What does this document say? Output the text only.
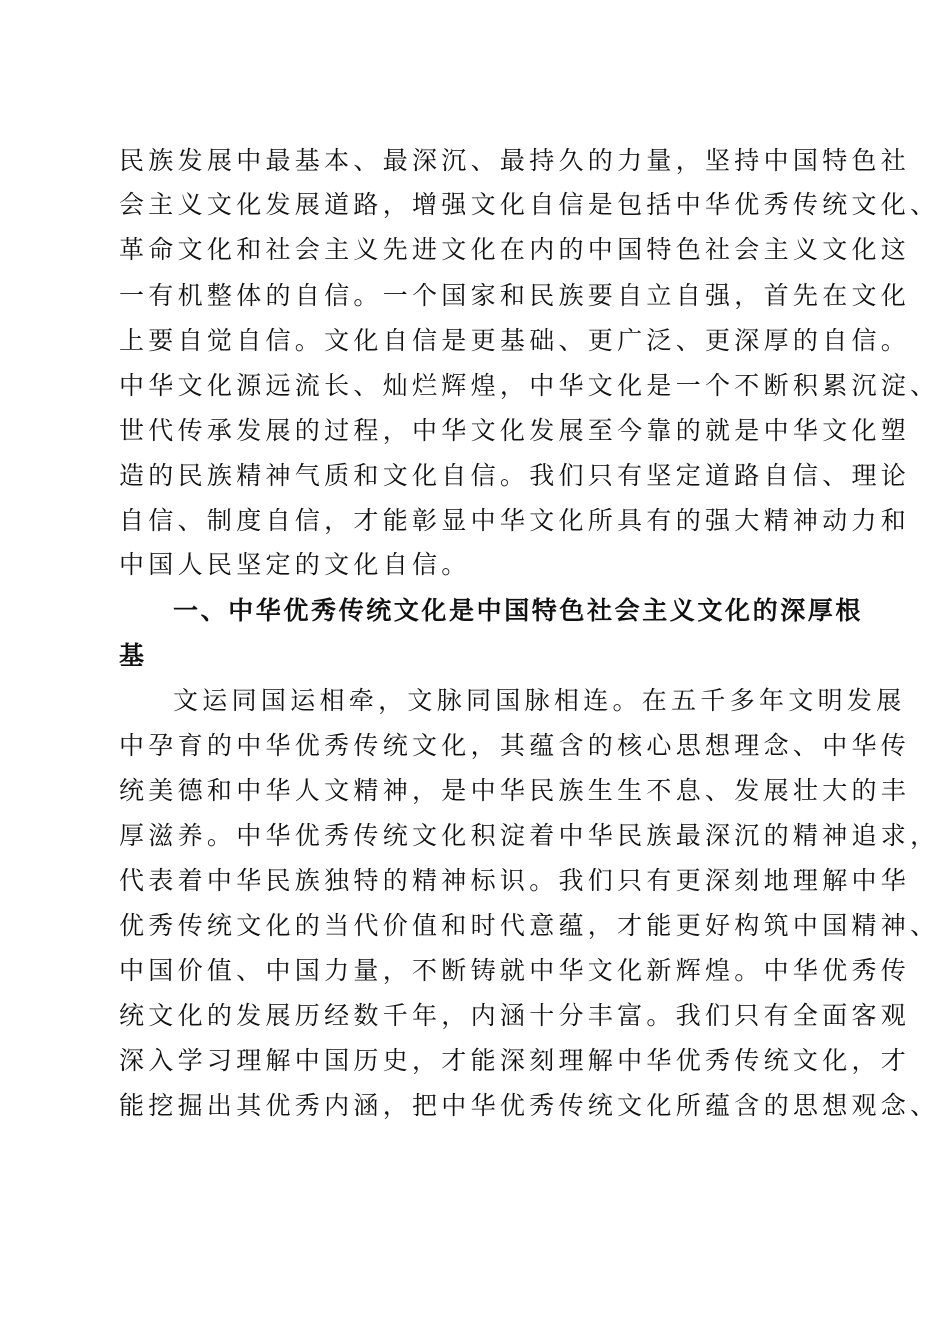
民族发展中最基本、最深沉、最持久的力量，坚持中国特色社
会主义文化发展道路，增强文化自信是包括中华优秀传统文化、
革命文化和社会主义先进文化在内的中国特色社会主义文化这
一有机整体的自信。一个国家和民族要自立自强，首先在文化
上要自觉自信。文化自信是更基础、更广泛、更深厚的自信。
中华文化源远流长、灿烂辉煌，中华文化是一个不断积累沉淀、
世代传承发展的过程，中华文化发展至今靠的就是中华文化塑
造的民族精神气质和文化自信。我们只有坚定道路自信、理论
自信、制度自信，才能彰显中华文化所具有的强大精神动力和
中国人民坚定的文化自信。
一、中华优秀传统文化是中国特色社会主义文化的深厚根
基
文运同国运相牵，文脉同国脉相连。在五千多年文明发展
中孕育的中华优秀传统文化，其蕴含的核心思想理念、中华传
统美德和中华人文精神，是中华民族生生不息、发展壮大的丰
厚滋养。中华优秀传统文化积淀着中华民族最深沉的精神追求，
代表着中华民族独特的精神标识。我们只有更深刻地理解中华
优秀传统文化的当代价值和时代意蕴，才能更好构筑中国精神、
中国价值、中国力量，不断铸就中华文化新辉煌。中华优秀传
统文化的发展历经数千年，内涵十分丰富。我们只有全面客观
深入学习理解中国历史，才能深刻理解中华优秀传统文化，才
能挖掘出其优秀内涵，把中华优秀传统文化所蕴含的思想观念、
